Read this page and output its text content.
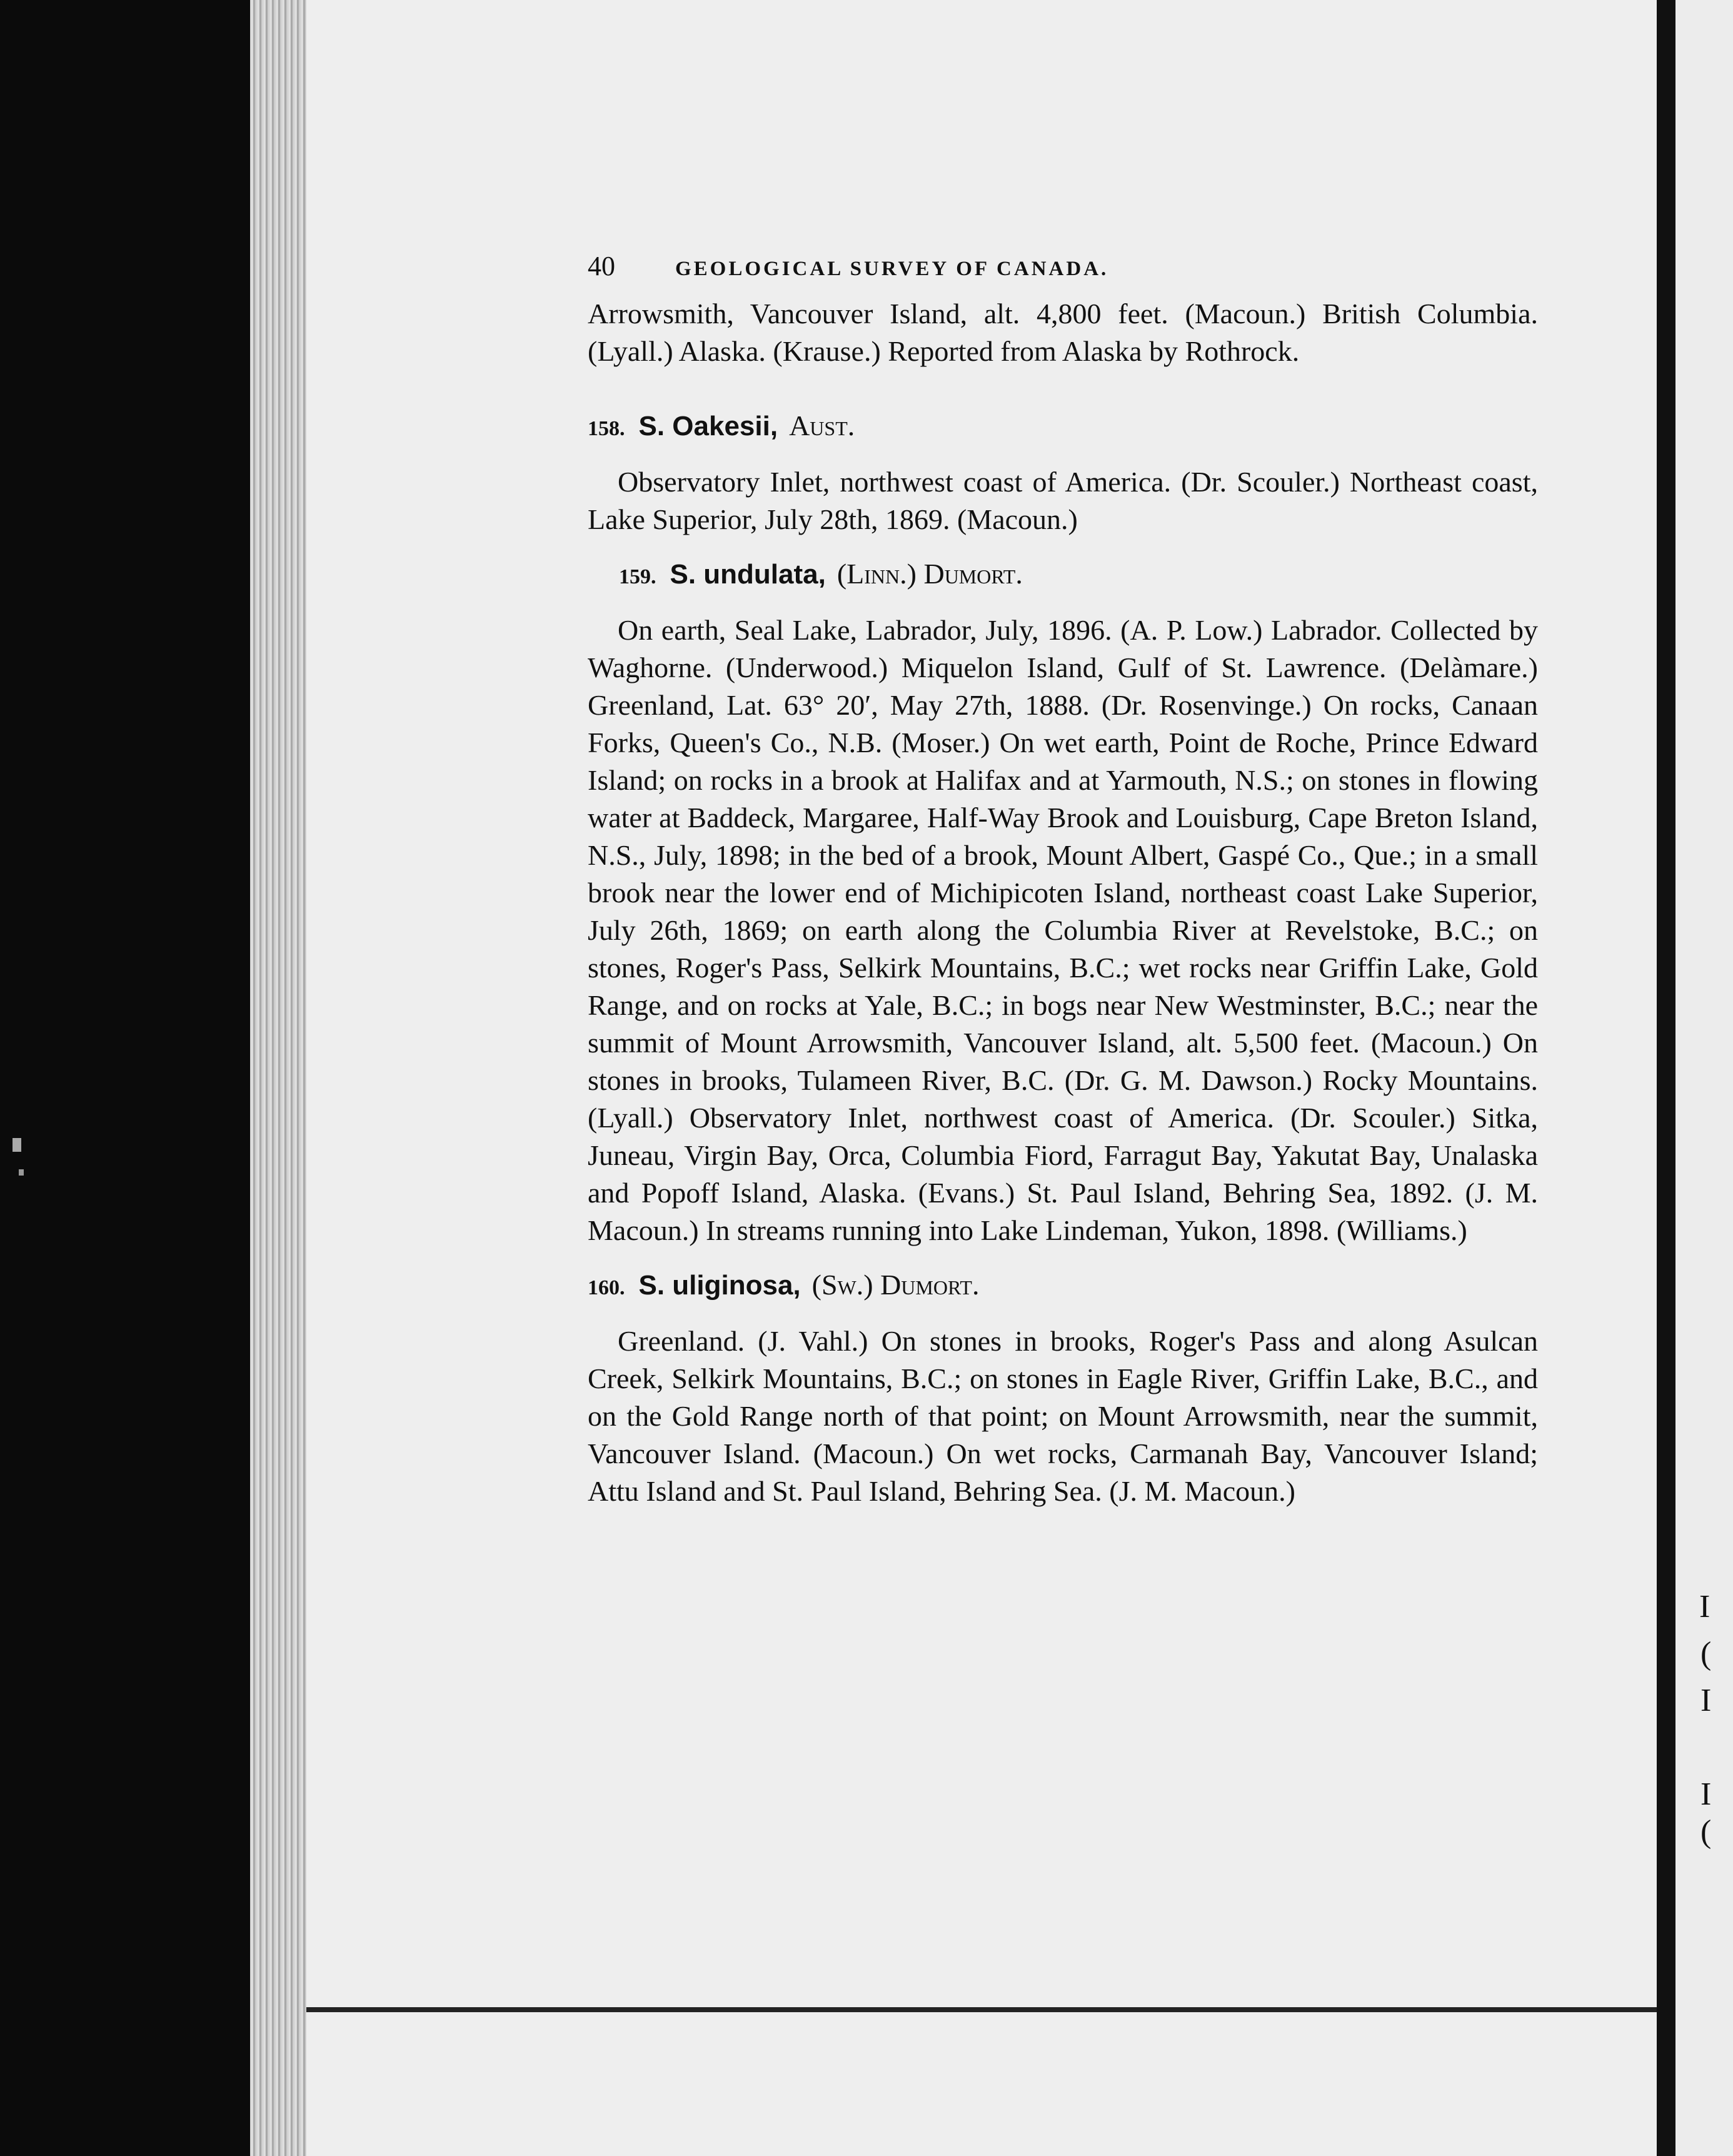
I
(
I
I
(
40	GEOLOGICAL SURVEY OF CANADA.

Arrowsmith, Vancouver Island, alt. 4,800 feet. (Macoun.) British Columbia. (Lyall.) Alaska. (Krause.) Reported from Alaska by Rothrock.

158. S. Oakesii, Aust.

Observatory Inlet, northwest coast of America. (Dr. Scouler.) Northeast coast, Lake Superior, July 28th, 1869. (Macoun.)

159. S. undulata, (Linn.) Dumort.

On earth, Seal Lake, Labrador, July, 1896. (A. P. Low.) Labrador. Collected by Waghorne. (Underwood.) Miquelon Island, Gulf of St. Lawrence. (Delàmare.) Greenland, Lat. 63° 20′, May 27th, 1888. (Dr. Rosenvinge.) On rocks, Canaan Forks, Queen's Co., N.B. (Moser.) On wet earth, Point de Roche, Prince Edward Island; on rocks in a brook at Halifax and at Yarmouth, N.S.; on stones in flowing water at Baddeck, Margaree, Half-Way Brook and Louisburg, Cape Breton Island, N.S., July, 1898; in the bed of a brook, Mount Albert, Gaspé Co., Que.; in a small brook near the lower end of Michipicoten Island, northeast coast Lake Superior, July 26th, 1869; on earth along the Columbia River at Revelstoke, B.C.; on stones, Roger's Pass, Selkirk Mountains, B.C.; wet rocks near Griffin Lake, Gold Range, and on rocks at Yale, B.C.; in bogs near New Westminster, B.C.; near the summit of Mount Arrowsmith, Vancouver Island, alt. 5,500 feet. (Macoun.) On stones in brooks, Tulameen River, B.C. (Dr. G. M. Dawson.) Rocky Mountains. (Lyall.) Observatory Inlet, northwest coast of America. (Dr. Scouler.) Sitka, Juneau, Virgin Bay, Orca, Columbia Fiord, Farragut Bay, Yakutat Bay, Unalaska and Popoff Island, Alaska. (Evans.) St. Paul Island, Behring Sea, 1892. (J. M. Macoun.) In streams running into Lake Lindeman, Yukon, 1898. (Williams.)

160. S. uliginosa, (Sw.) Dumort.

Greenland. (J. Vahl.) On stones in brooks, Roger's Pass and along Asulcan Creek, Selkirk Mountains, B.C.; on stones in Eagle River, Griffin Lake, B.C., and on the Gold Range north of that point; on Mount Arrowsmith, near the summit, Vancouver Island. (Macoun.) On wet rocks, Carmanah Bay, Vancouver Island; Attu Island and St. Paul Island, Behring Sea. (J. M. Macoun.)
